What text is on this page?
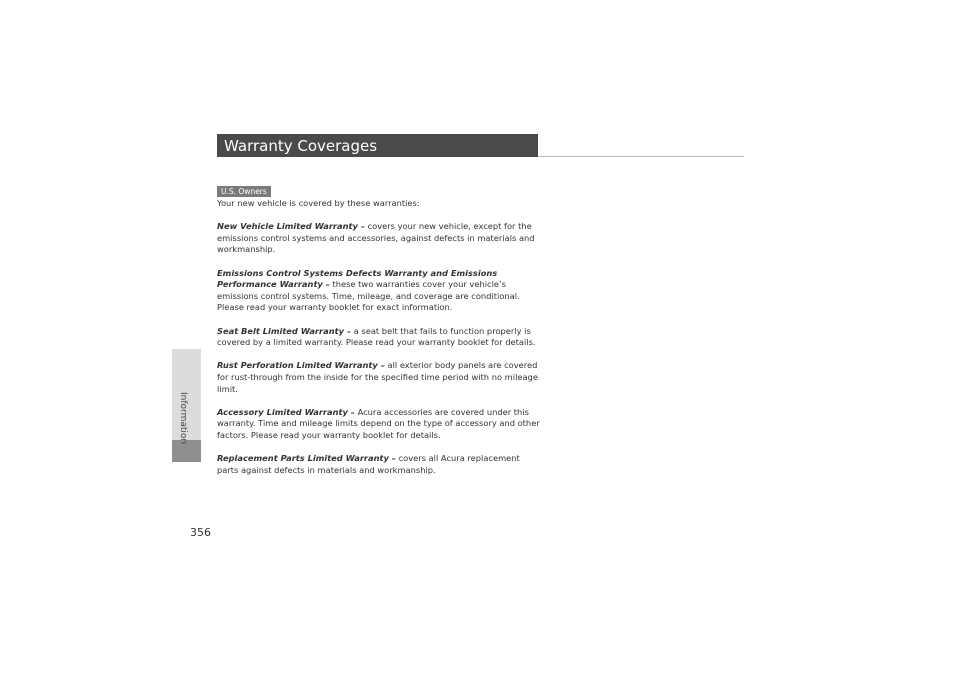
Information
356
Warranty Coverages
U.S. Owners

Your new vehicle is covered by these warranties:

New Vehicle Limited Warranty – covers your new vehicle, except for the emissions control systems and accessories, against defects in materials and workmanship.

Emissions Control Systems Defects Warranty and Emissions Performance Warranty – these two warranties cover your vehicle’s emissions control systems. Time, mileage, and coverage are conditional. Please read your warranty booklet for exact information.

Seat Belt Limited Warranty – a seat belt that fails to function properly is covered by a limited warranty. Please read your warranty booklet for details.

Rust Perforation Limited Warranty – all exterior body panels are covered for rust-through from the inside for the specified time period with no mileage limit.

Accessory Limited Warranty – Acura accessories are covered under this warranty. Time and mileage limits depend on the type of accessory and other factors. Please read your warranty booklet for details.

Replacement Parts Limited Warranty – covers all Acura replacement parts against defects in materials and workmanship.
